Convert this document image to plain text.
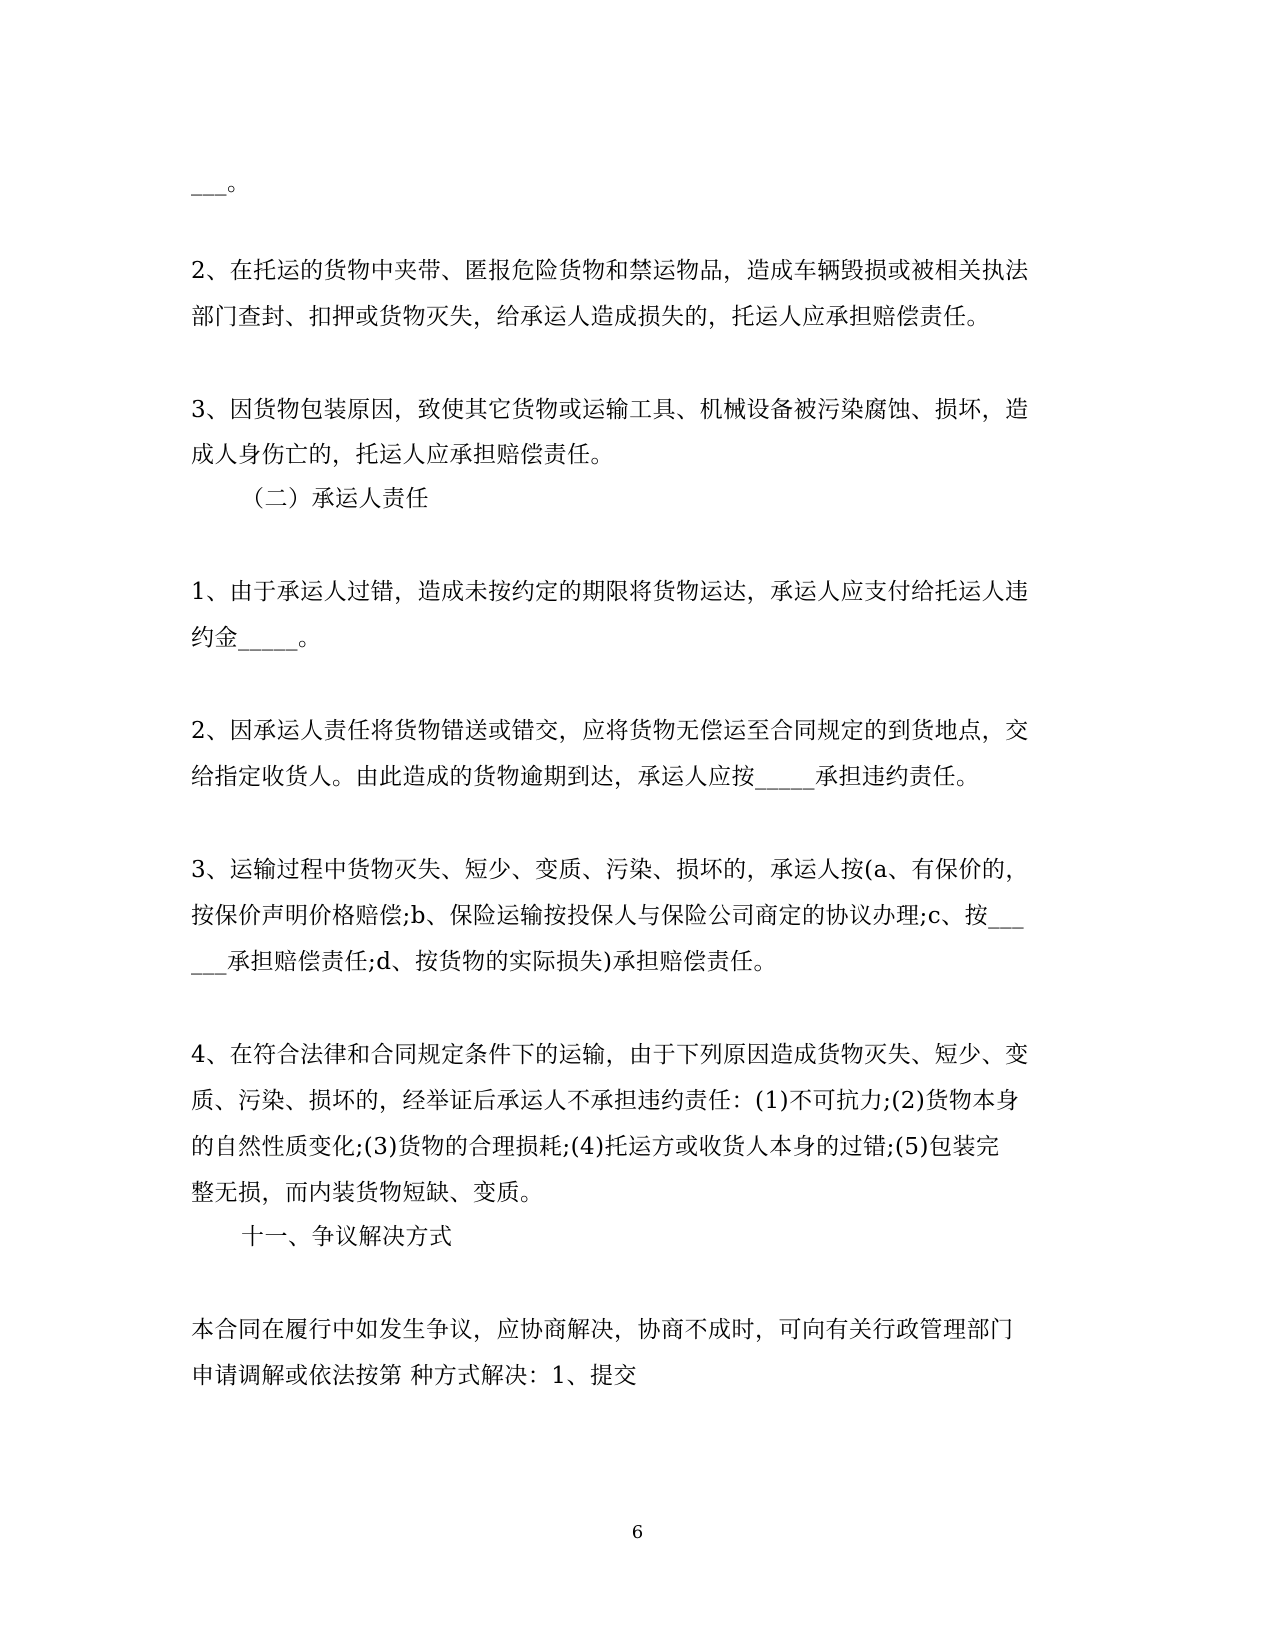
___。
2、在托运的货物中夹带、匿报危险货物和禁运物品，造成车辆毁损或被相关执法
部门查封、扣押或货物灭失，给承运人造成损失的，托运人应承担赔偿责任。
3、因货物包装原因，致使其它货物或运输工具、机械设备被污染腐蚀、损坏，造
成人身伤亡的，托运人应承担赔偿责任。
（二）承运人责任
1、由于承运人过错，造成未按约定的期限将货物运达，承运人应支付给托运人违
约金_____。
2、因承运人责任将货物错送或错交，应将货物无偿运至合同规定的到货地点，交
给指定收货人。由此造成的货物逾期到达，承运人应按_____承担违约责任。
3、运输过程中货物灭失、短少、变质、污染、损坏的，承运人按(a、有保价的，
按保价声明价格赔偿;b、保险运输按投保人与保险公司商定的协议办理;c、按___
___承担赔偿责任;d、按货物的实际损失)承担赔偿责任。
4、在符合法律和合同规定条件下的运输，由于下列原因造成货物灭失、短少、变
质、污染、损坏的，经举证后承运人不承担违约责任：(1)不可抗力;(2)货物本身
的自然性质变化;(3)货物的合理损耗;(4)托运方或收货人本身的过错;(5)包装完
整无损，而内装货物短缺、变质。
十一、争议解决方式
本合同在履行中如发生争议，应协商解决，协商不成时，可向有关行政管理部门
申请调解或依法按第 种方式解决：1、提交
6
